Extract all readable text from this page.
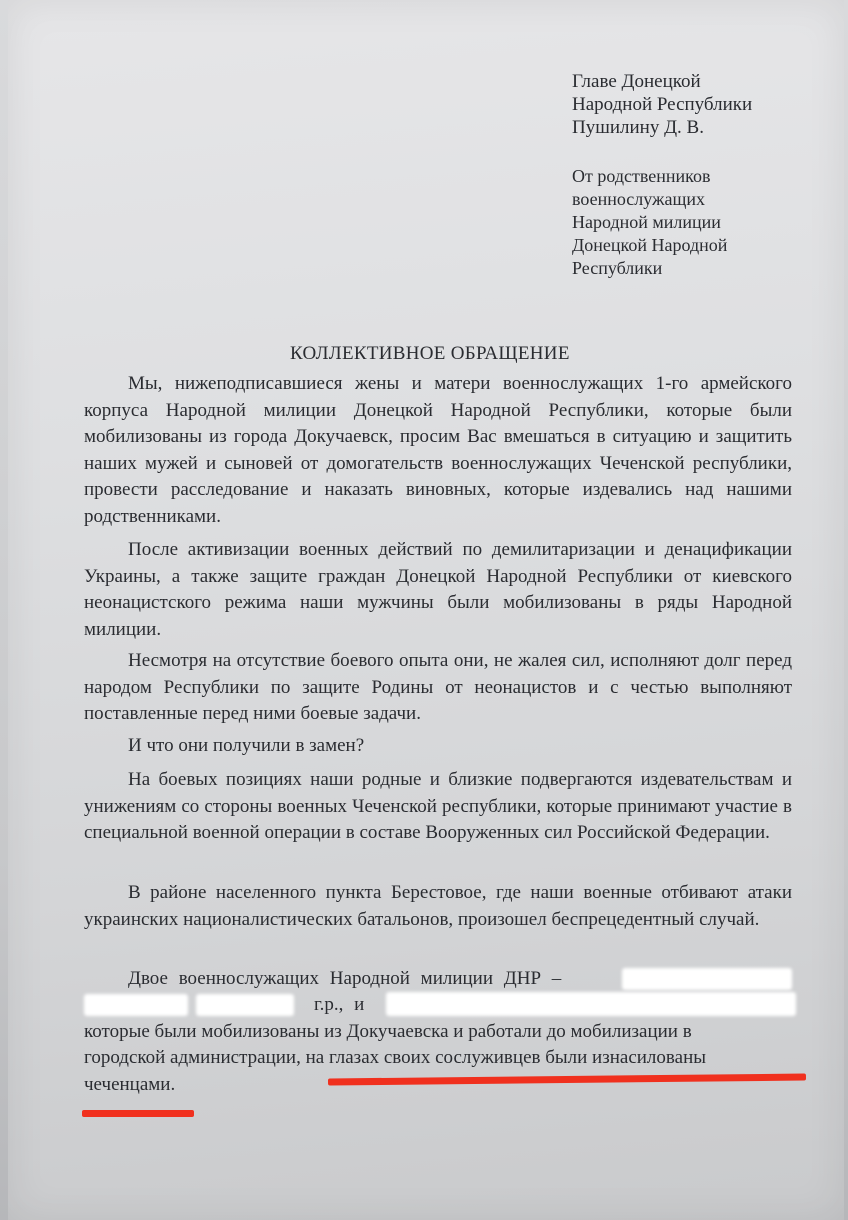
Главе Донецкой
Народной Республики
Пушилину Д. В.
От родственников
военнослужащих
Народной милиции
Донецкой Народной
Республики
КОЛЛЕКТИВНОЕ ОБРАЩЕНИЕ
Мы, нижеподписавшиеся жены и матери военнослужащих 1-го армейского корпуса Народной милиции Донецкой Народной Республики, которые были мобилизованы из города Докучаевск, просим Вас вмешаться в ситуацию и защитить наших мужей и сыновей от домогательств военнослужащих Чеченской республики, провести расследование и наказать виновных, которые издевались над нашими родственниками.
После активизации военных действий по демилитаризации и денацификации Украины, а также защите граждан Донецкой Народной Республики от киевского неонацистского режима наши мужчины были мобилизованы в ряды Народной милиции.
Несмотря на отсутствие боевого опыта они, не жалея сил, исполняют долг перед народом Республики по защите Родины от неонацистов и с честью выполняют поставленные перед ними боевые задачи.
И что они получили в замен?
На боевых позициях наши родные и близкие подвергаются издевательствам и унижениям со стороны военных Чеченской республики, которые принимают участие в специальной военной операции в составе Вооруженных сил Российской Федерации.
В районе населенного пункта Берестовое, где наши военные отбивают атаки украинских националистических батальонов, произошел беспрецедентный случай.
Двое военнослужащих Народной милиции ДНР –
г.р., и
которые были мобилизованы из Докучаевска и работали до мобилизации в
городской администрации, на глазах своих сослуживцев были изнасилованы
чеченцами.
